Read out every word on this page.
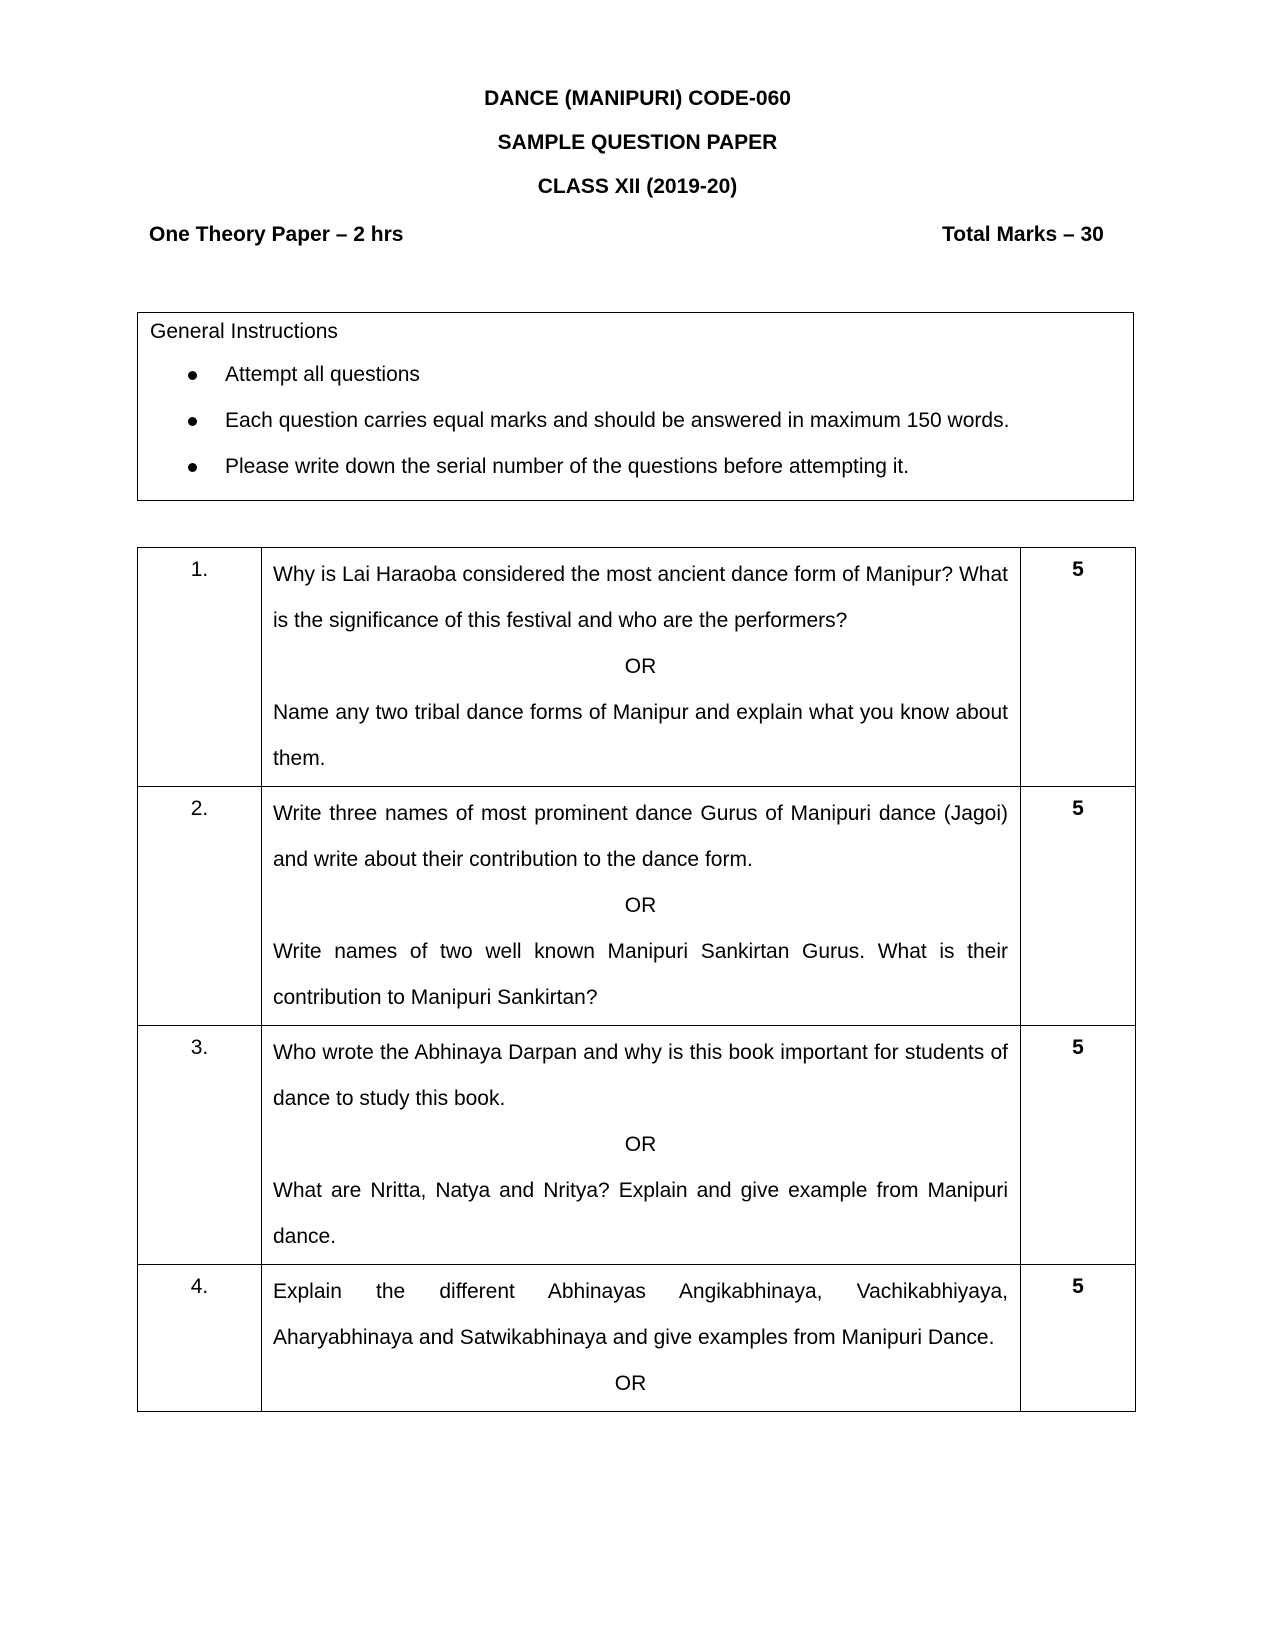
DANCE (MANIPURI) CODE-060
SAMPLE QUESTION PAPER
CLASS XII (2019-20)
One Theory Paper – 2 hrs	Total Marks – 30
General Instructions
Attempt all questions
Each question carries equal marks and should be answered in maximum 150 words.
Please write down the serial number of the questions before attempting it.
1.	Why is Lai Haraoba considered the most ancient dance form of Manipur? What is the significance of this festival and who are the performers?

OR

Name any two tribal dance forms of Manipur and explain what you know about them.	5
2.	Write three names of most prominent dance Gurus of Manipuri dance (Jagoi) and write about their contribution to the dance form.

OR

Write names of two well known Manipuri Sankirtan Gurus. What is their contribution to Manipuri Sankirtan?	5
3.	Who wrote the Abhinaya Darpan and why is this book important for students of dance to study this book.

OR

What are Nritta, Natya and Nritya? Explain and give example from Manipuri dance.	5
4.	Explain the different Abhinayas Angikabhinaya, Vachikabhiyaya, Aharyabhinaya and Satwikabhinaya and give examples from Manipuri Dance.

OR	5
